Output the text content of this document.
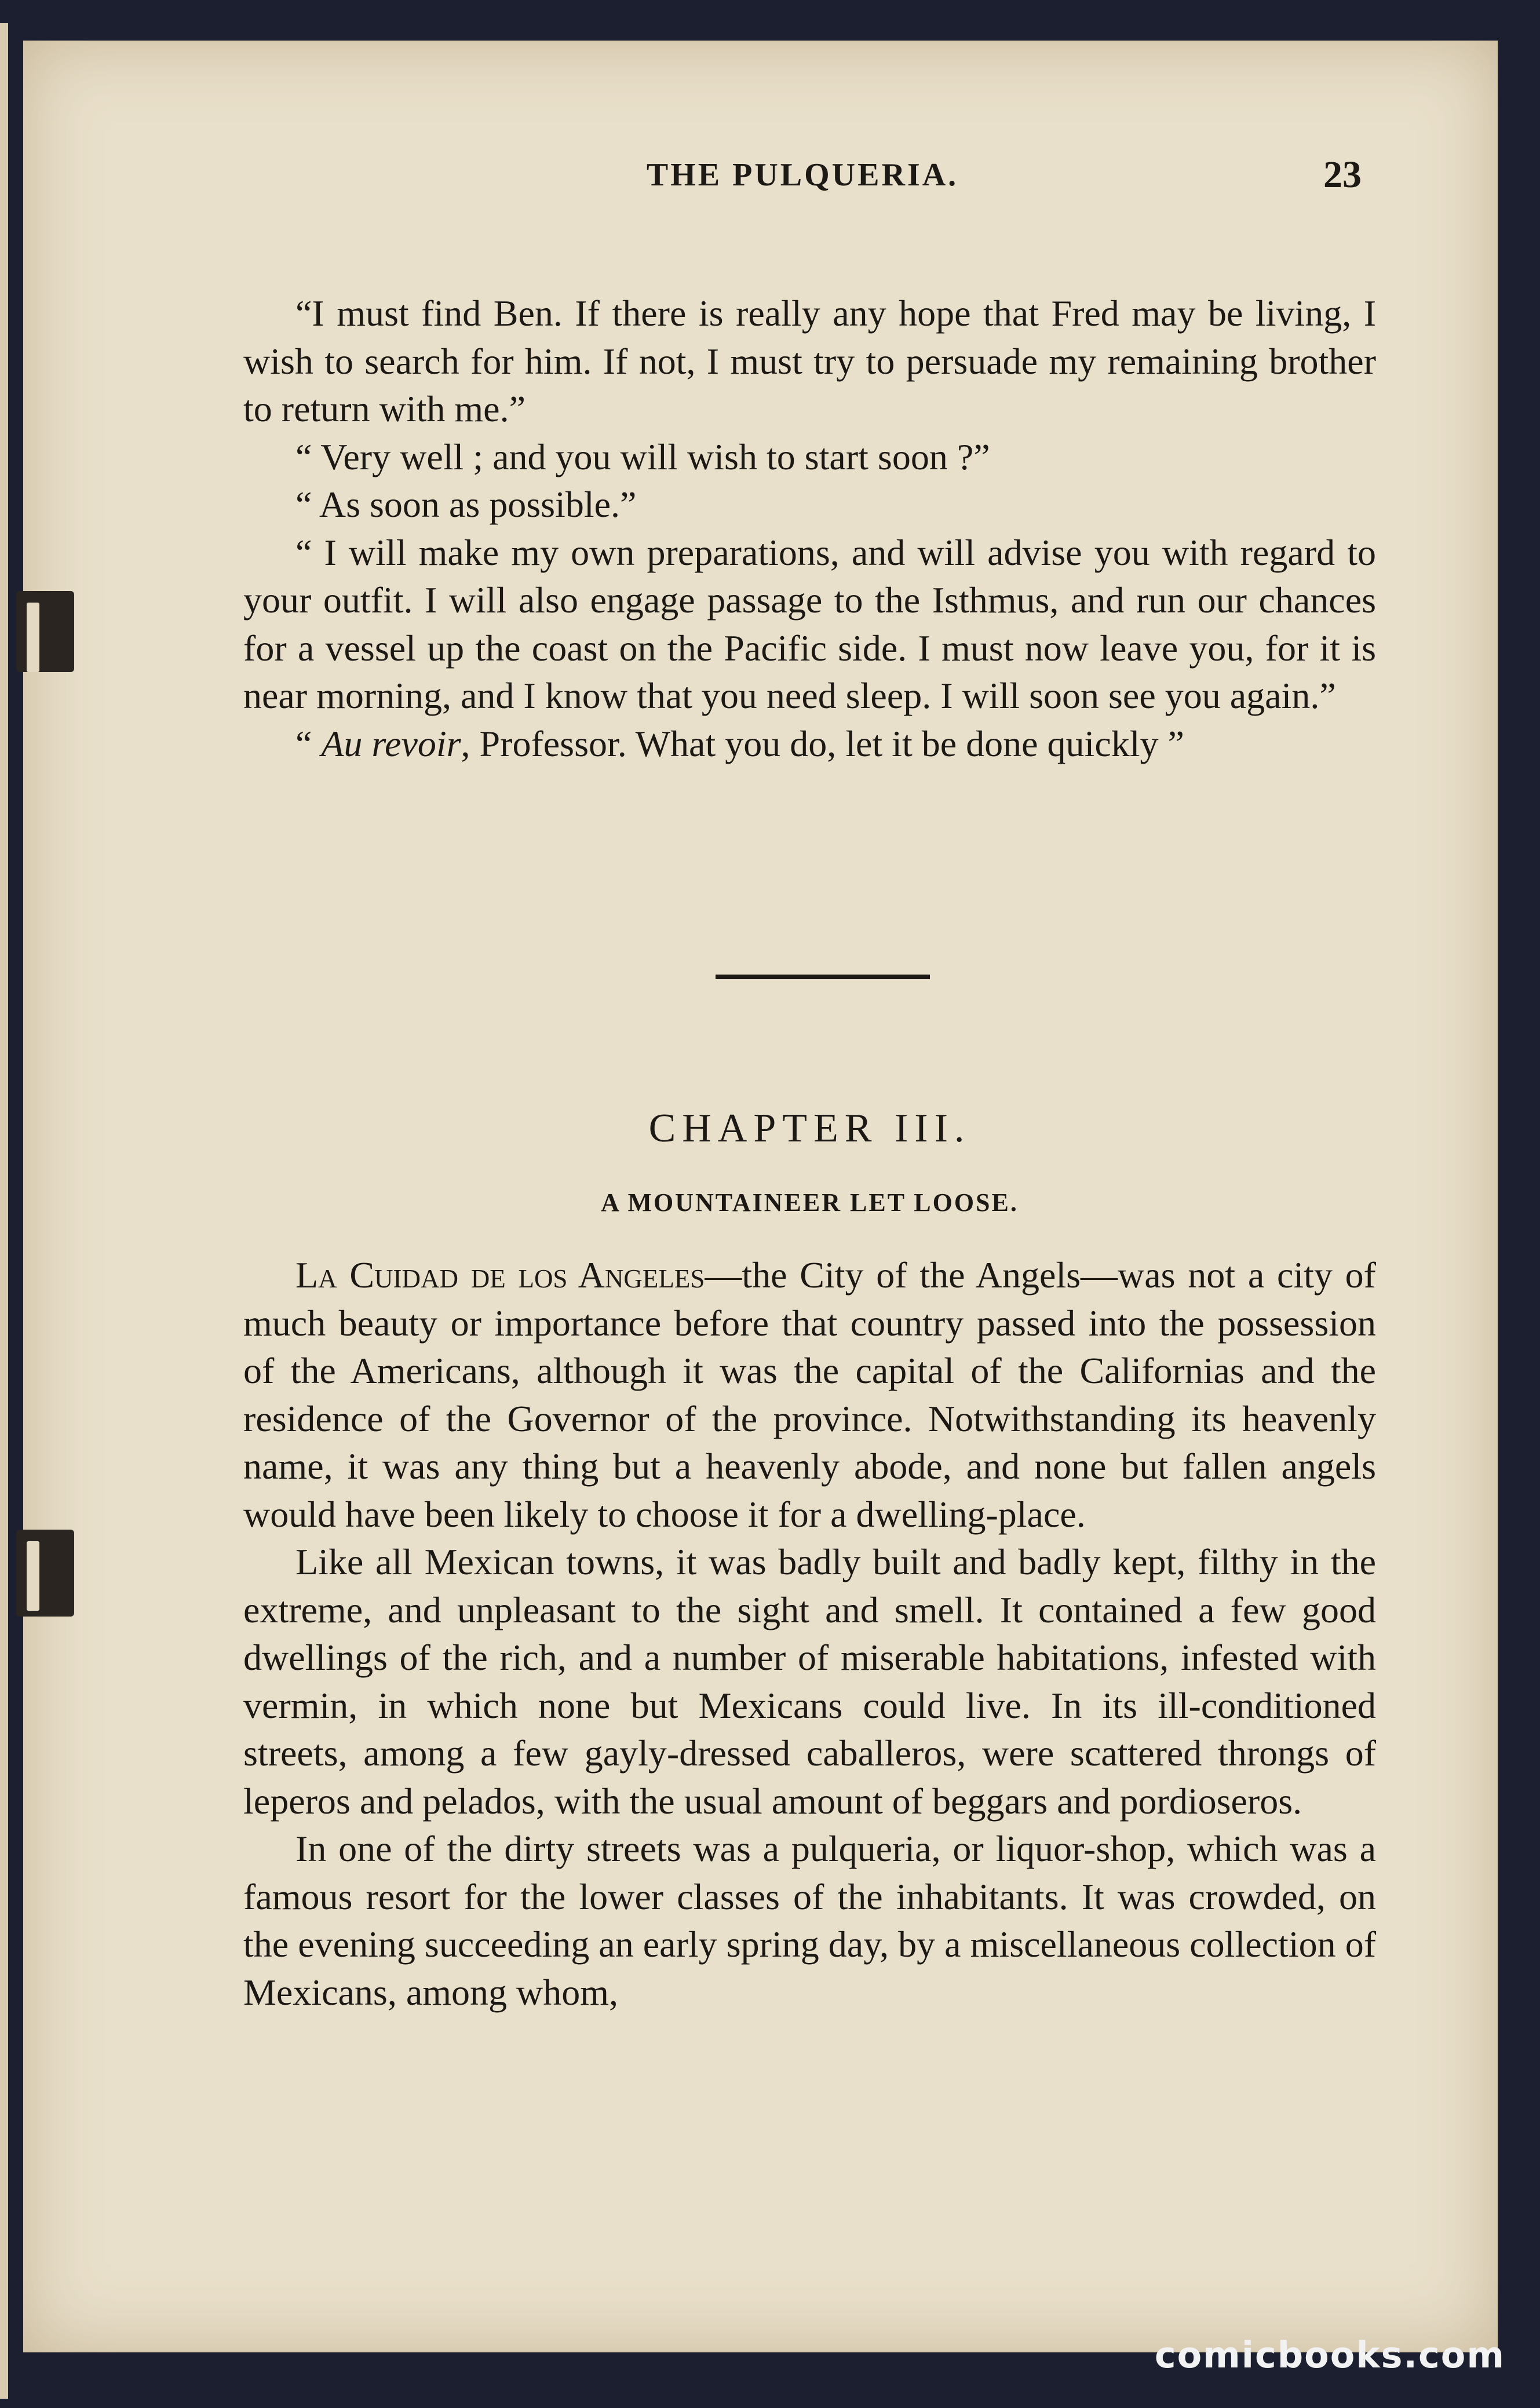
THE PULQUERIA.	23

“I must find Ben. If there is really any hope that Fred may be living, I wish to search for him. If not, I must try to persuade my remaining brother to return with me.”

“ Very well ; and you will wish to start soon ?”

“ As soon as possible.”

“ I will make my own preparations, and will advise you with regard to your outfit. I will also engage passage to the Isthmus, and run our chances for a vessel up the coast on the Pacific side. I must now leave you, for it is near morning, and I know that you need sleep. I will soon see you again.”

“ Au revoir, Professor. What you do, let it be done quickly ”

CHAPTER III.
A MOUNTAINEER LET LOOSE.

La Cuidad de los Angeles—the City of the Angels—was not a city of much beauty or importance before that country passed into the possession of the Americans, although it was the capital of the Californias and the residence of the Governor of the province. Notwithstanding its heavenly name, it was any thing but a heavenly abode, and none but fallen angels would have been likely to choose it for a dwelling-place.

Like all Mexican towns, it was badly built and badly kept, filthy in the extreme, and unpleasant to the sight and smell. It contained a few good dwellings of the rich, and a number of miserable habitations, infested with vermin, in which none but Mexicans could live. In its ill-conditioned streets, among a few gayly-dressed caballeros, were scattered throngs of leperos and pelados, with the usual amount of beggars and pordioseros.

In one of the dirty streets was a pulqueria, or liquor-shop, which was a famous resort for the lower classes of the inhabitants. It was crowded, on the evening succeeding an early spring day, by a miscellaneous collection of Mexicans, among whom,

comicbooks.com
